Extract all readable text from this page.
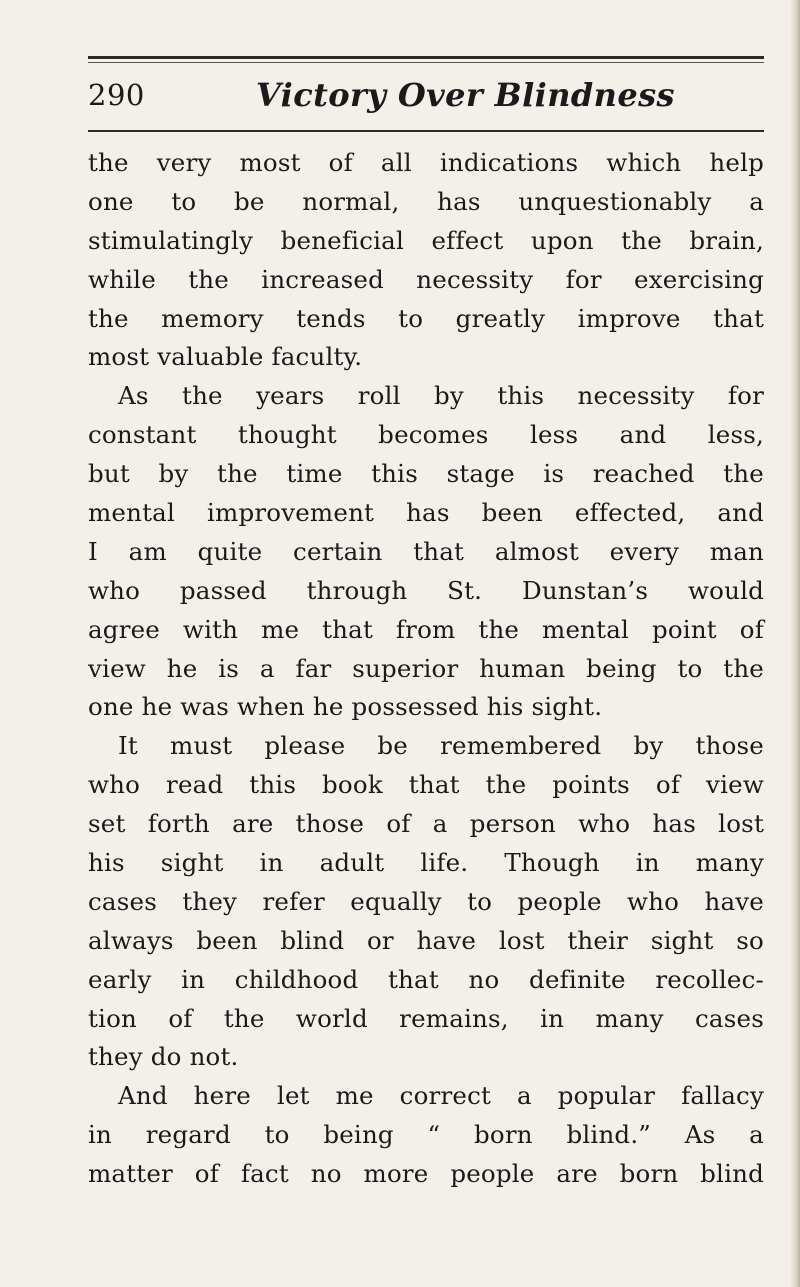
290	Victory Over Blindness
the very most of all indications which help
one to be normal, has unquestionably a
stimulatingly beneficial effect upon the brain,
while the increased necessity for exercising
the memory tends to greatly improve that
most valuable faculty.
As the years roll by this necessity for
constant thought becomes less and less,
but by the time this stage is reached the
mental improvement has been effected, and
I am quite certain that almost every man
who passed through St. Dunstan’s would
agree with me that from the mental point of
view he is a far superior human being to the
one he was when he possessed his sight.
It must please be remembered by those
who read this book that the points of view
set forth are those of a person who has lost
his sight in adult life. Though in many
cases they refer equally to people who have
always been blind or have lost their sight so
early in childhood that no definite recollec-
tion of the world remains, in many cases
they do not.
And here let me correct a popular fallacy
in regard to being “ born blind.” As a
matter of fact no more people are born blind
